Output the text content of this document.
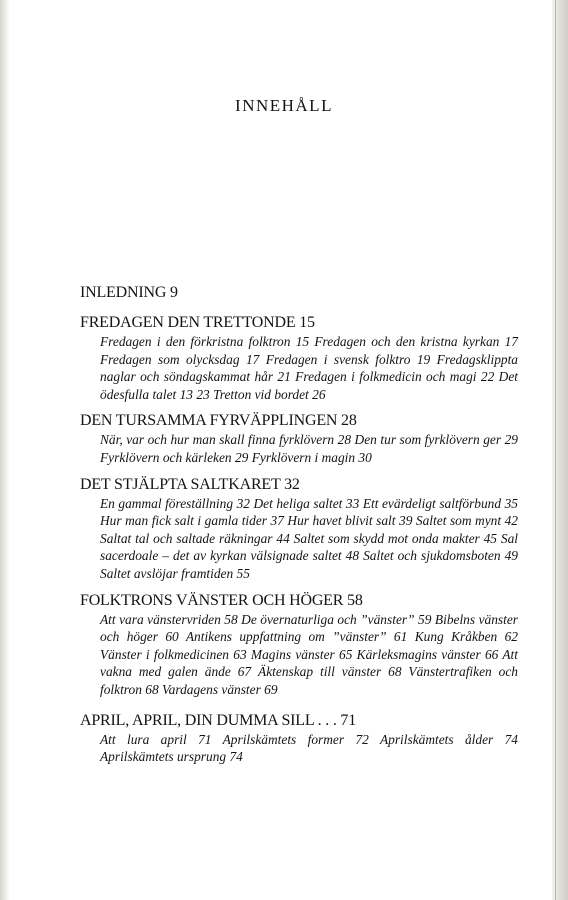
INNEHÅLL

INLEDNING 9

FREDAGEN DEN TRETTONDE 15

Fredagen i den förkristna folktron 15 Fredagen och den kristna kyrkan 17 Fredagen som olycksdag 17 Fredagen i svensk folktro 19 Fredagsklippta naglar och söndagskammat hår 21 Fredagen i folkmedicin och magi 22 Det ödesfulla talet 13 23 Tretton vid bordet 26

DEN TURSAMMA FYRVÄPPLINGEN 28

När, var och hur man skall finna fyrklövern 28 Den tur som fyrklövern ger 29 Fyrklövern och kärleken 29 Fyrklövern i magin 30

DET STJÄLPTA SALTKARET 32

En gammal föreställning 32 Det heliga saltet 33 Ett evärdeligt saltförbund 35 Hur man fick salt i gamla tider 37 Hur havet blivit salt 39 Saltet som mynt 42 Saltat tal och saltade räkningar 44 Saltet som skydd mot onda makter 45 Sal sacerdoale – det av kyrkan välsignade saltet 48 Saltet och sjukdomsboten 49 Saltet avslöjar framtiden 55

FOLKTRONS VÄNSTER OCH HÖGER 58

Att vara vänstervriden 58 De övernaturliga och ”vänster” 59 Bibelns vänster och höger 60 Antikens uppfattning om ”vänster” 61 Kung Kråkben 62 Vänster i folkmedicinen 63 Magins vänster 65 Kärleksmagins vänster 66 Att vakna med galen ände 67 Äktenskap till vänster 68 Vänstertrafiken och folktron 68 Vardagens vänster 69

APRIL, APRIL, DIN DUMMA SILL . . . 71

Att lura april 71 Aprilskämtets former 72 Aprilskämtets ålder 74 Aprilskämtets ursprung 74
